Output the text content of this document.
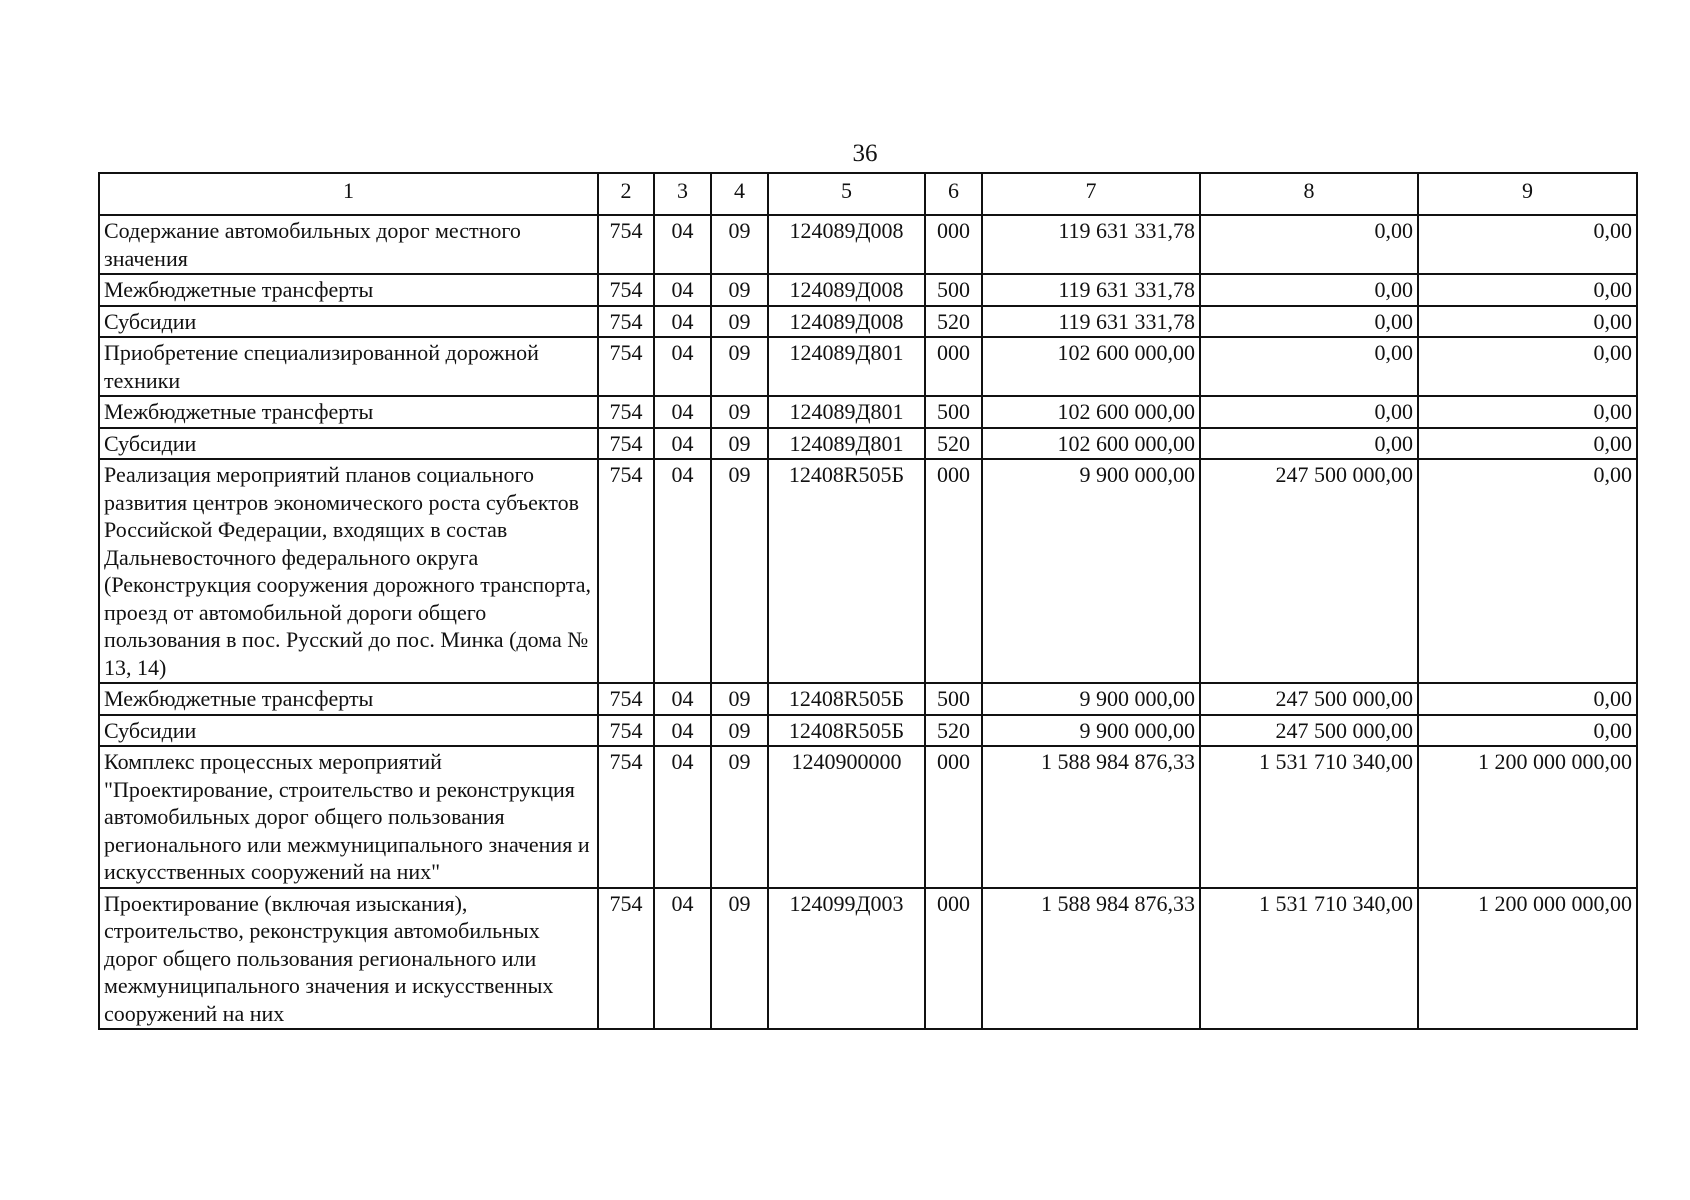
36
1	2	3	4	5	6	7	8	9
Содержание автомобильных дорог местного значения	754	04	09	124089Д008	000	119 631 331,78	0,00	0,00
Межбюджетные трансферты	754	04	09	124089Д008	500	119 631 331,78	0,00	0,00
Субсидии	754	04	09	124089Д008	520	119 631 331,78	0,00	0,00
Приобретение специализированной дорожной техники	754	04	09	124089Д801	000	102 600 000,00	0,00	0,00
Межбюджетные трансферты	754	04	09	124089Д801	500	102 600 000,00	0,00	0,00
Субсидии	754	04	09	124089Д801	520	102 600 000,00	0,00	0,00
Реализация мероприятий планов социального развития центров экономического роста субъектов Российской Федерации, входящих в состав Дальневосточного федерального округа (Реконструкция сооружения дорожного транспорта, проезд от автомобильной дороги общего пользования в пос. Русский до пос. Минка (дома № 13, 14)	754	04	09	12408R505Б	000	9 900 000,00	247 500 000,00	0,00
Межбюджетные трансферты	754	04	09	12408R505Б	500	9 900 000,00	247 500 000,00	0,00
Субсидии	754	04	09	12408R505Б	520	9 900 000,00	247 500 000,00	0,00
Комплекс процессных мероприятий "Проектирование, строительство и реконструкция автомобильных дорог общего пользования регионального или межмуниципального значения и искусственных сооружений на них"	754	04	09	1240900000	000	1 588 984 876,33	1 531 710 340,00	1 200 000 000,00
Проектирование (включая изыскания), строительство, реконструкция автомобильных дорог общего пользования регионального или межмуниципального значения и искусственных сооружений на них	754	04	09	124099Д003	000	1 588 984 876,33	1 531 710 340,00	1 200 000 000,00
